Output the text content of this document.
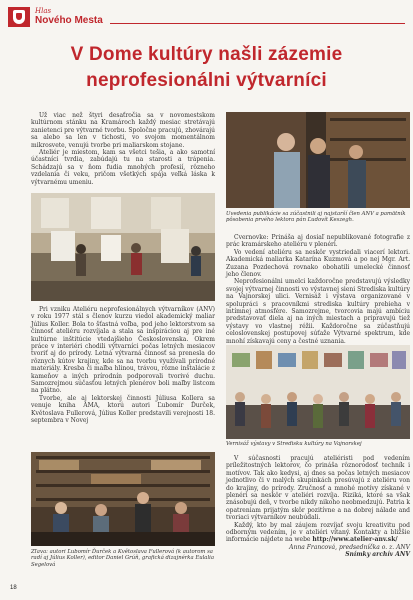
Hlas
Nového Mesta
V Dome kultúry našli zázemie
neprofesionálni výtvarníci

Už viac než štyri desaťročia sa v novomestskom kultúrnom stánku na Kramároch každý mesiac stretávajú zanietenci pre výtvarné tvorbu. Spoločne pracujú, zhovárajú sa alebo sa len v tichosti, vo svojom momentálnom mikrosvete, venujú tvorbe pri maliarskom stojane.

Ateliér je miestom, kam sa všetci tešia, a ako samotní účastníci tvrdia, zabúdajú tu na starosti a trápenia. Schádzajú sa v ňom fudia mnohých profesií, rôzneho vzdelania či veku, pričom všetkých spája veľká láska k výtvarnému umeniu.

Pri vzniku Ateliéru neprofesionálnych výtvarníkov (ANV) v roku 1977 stál s členov kurzu viedol akademický maliar Július Koller. Bola to šťastná voľba, pod jeho lektorstvom sa činnosť ateliéru rozvíjala a stala sa inšpiráciou aj pre iné kultúrne inštitúcie vtedajšieho Československa. Okrem práce v interiéri chodili výtvarníci počas letných mesiacov tvoriť aj do prírody. Letná výtvarná činnosť sa prenesla do rôznych kútov krajiny, kde sa na tvorbu využívali prírodné materiály. Kresba či maľba hlinou, trávou, rôzne inštalácie z kameňov a iných prírodnín podporovali tvorivé duchu. Samozrejmou súčasťou letných plenérov boli maľby listcom na plátno.

Tvorbe, ale aj lektorskej činnosti Júliusa Kollera sa venuje kniha AMA, ktorú autori Ľubomír Ďurček, Květoslava Fullerová, Július Koller predstavili verejnosti 18. septembra v Novej

Zľava: autori Ľubomír Ďurček a Květoslava Fullerová (k autorom sa radí aj Július Koller), editor Daniel Grúň, grafická dizajnérka Eulalia Segelová
Uvedenia publikácie sa zúčastnili aj najstarší člen ANV a pamätník pôsobenia prvého lektora pán Ľudovít Keszegh.

Cvernovke: Prináša aj dosiaľ nepublikované fotografie z prác kramárskeho ateliéru v plenéri.

Vo vedení ateliéru sa neskôr vystriedali viacerí lektori. Akademická maliarka Katarína Kuzmová a po nej Mgr. Art. Zuzana Pozdechová rovnako obohatili umelecké činnosť jeho členov.

Neprofesionálni umelci každoročne predstavujú výsledky svojej výtvarnej činnosti vo výstavnej sieni Strediska kultúry na Vajnorskej ulici. Vernisáž i výstava organizované v spolupráci s pracovníkmi strediska kultúry prebieha v intímnej atmosfére. Samozrejme, tvorcovia majú ambíciu predstavovať diela aj na iných miestach a pripravujú tiež výstavy vo vlastnej réžii. Každoročne sa zúčastňujú celoslovenskej postupovej súťaže Výtvarné spektrum, kde mnohí získavajú ceny a čestné uznania.

Vernisáž výstavy v Stredisku kultúry na Vajnorskej

V súčasnosti pracujú ateliéristi pod vedením príležitostných lektorov, čo prináša rôznorodosť techník i motívov. Tak ako kedysi, aj dnes sa počas letných mesiacov jednotlivo či v malých skupinkách presúvajú z ateliéru von do krajiny, do prírody. Zručnosť a mnohé motívy získané v plenéri sa neskôr v ateliéri rozvíja. Riziká, ktoré sa však znásobujú deň, v tvorbe nikdy nikoho neobmedzujú. Patria k opatreniam prijatým skôr pozitívne a na dobrej nálade and tvoriaci výtvarníkov neubúdali.

Každý, kto by mal záujem rozvíjať svoju kreativitu pod odborným vedením, je v ateliéri vítaný. Kontakty a bližšie informácie nájdete na webe http://www.atelier-anv.sk/

Anna Francová, predsedníčka o. z. ANV

Snímky archív ANV

18
